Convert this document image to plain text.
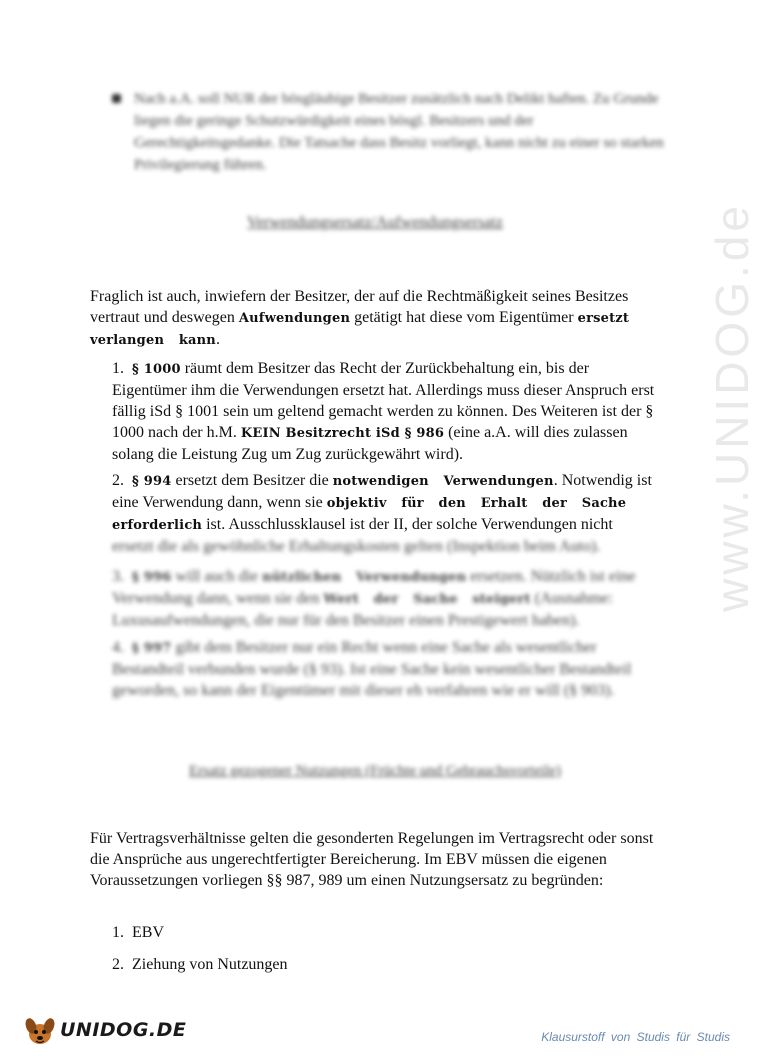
www.UNIDOG.de

Nach a.A. soll NUR der bösgläubige Besitzer zusätzlich nach Delikt haften. Zu Grunde liegen die geringe Schutzwürdigkeit eines bösgl. Besitzers und der Gerechtigkeitsgedanke. Die Tatsache dass Besitz vorliegt, kann nicht zu einer so starken Privilegierung führen.

Verwendungsersatz/Aufwendungsersatz
Fraglich ist auch, inwiefern der Besitzer, der auf die Rechtmäßigkeit seines Besitzes vertraut und deswegen Aufwendungen getätigt hat diese vom Eigentümer ersetzt verlangen kann.
1. § 1000 räumt dem Besitzer das Recht der Zurückbehaltung ein, bis der Eigentümer ihm die Verwendungen ersetzt hat. Allerdings muss dieser Anspruch erst fällig iSd § 1001 sein um geltend gemacht werden zu können. Des Weiteren ist der § 1000 nach der h.M. KEIN Besitzrecht iSd § 986 (eine a.A. will dies zulassen solang die Leistung Zug um Zug zurückgewährt wird).
2. § 994 ersetzt dem Besitzer die notwendigen Verwendungen. Notwendig ist eine Verwendung dann, wenn sie objektiv für den Erhalt der Sache erforderlich ist. Ausschlussklausel ist der II, der solche Verwendungen nicht
ersetzt die als gewöhnliche Erhaltungskosten gelten (Inspektion beim Auto).
3. § 996 will auch die nützlichen Verwendungen ersetzen. Nützlich ist eine Verwendung dann, wenn sie den Wert der Sache steigert (Ausnahme: Luxusaufwendungen, die nur für den Besitzer einen Prestigewert haben).
4. § 997 gibt dem Besitzer nur ein Recht wenn eine Sache als wesentlicher Bestandteil verbunden wurde (§ 93). Ist eine Sache kein wesentlicher Bestandteil geworden, so kann der Eigentümer mit dieser eh verfahren wie er will (§ 903).
Ersatz gezogener Nutzungen (Früchte und Gebrauchsvorteile)
Für Vertragsverhältnisse gelten die gesonderten Regelungen im Vertragsrecht oder sonst die Ansprüche aus ungerechtfertigter Bereicherung. Im EBV müssen die eigenen Voraussetzungen vorliegen §§ 987, 989 um einen Nutzungsersatz zu begründen:
1. EBV
2. Ziehung von Nutzungen
UNIDOG.DE	Klausurstoff von Studis für Studis
